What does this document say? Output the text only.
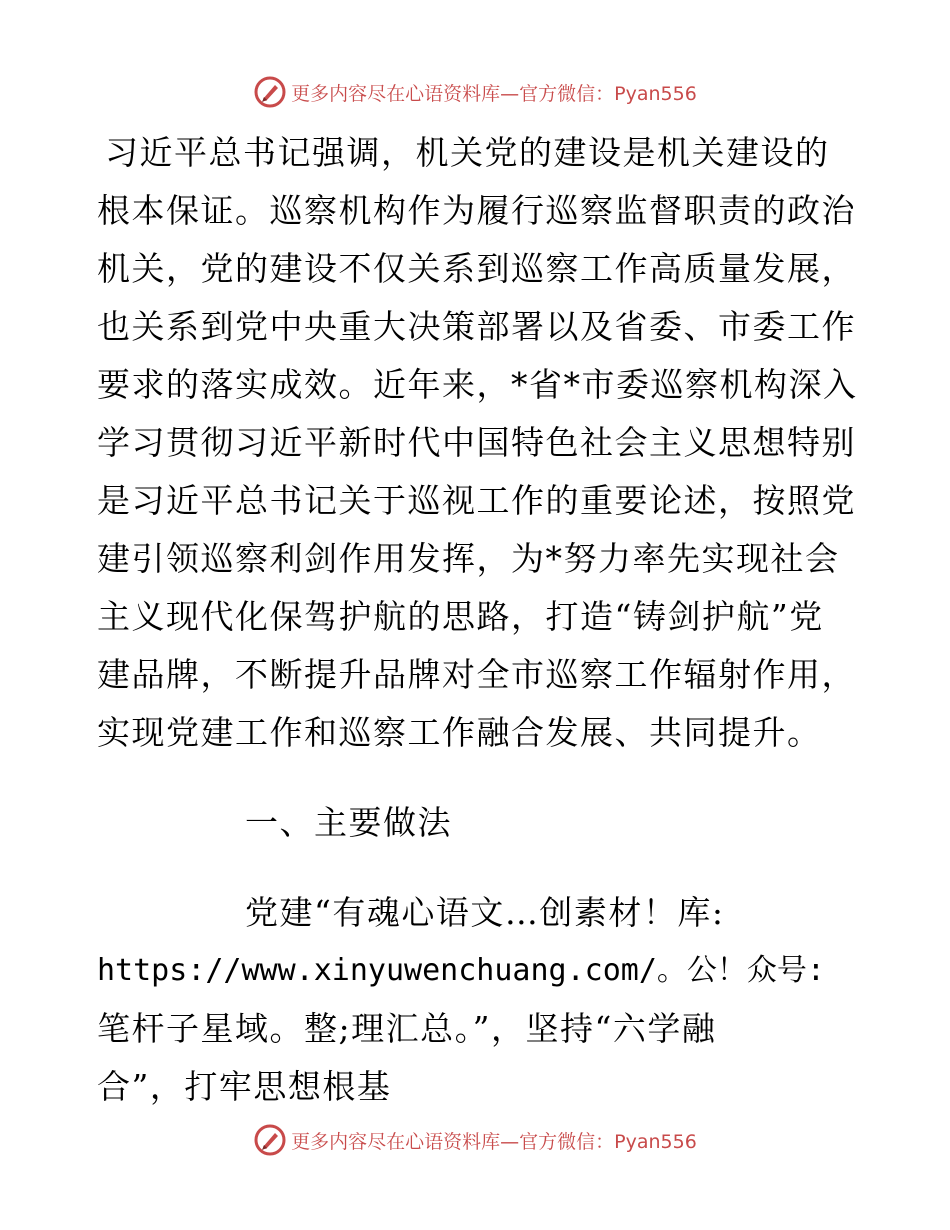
更多内容尽在心语资料库—官方微信：Pyan556
习近平总书记强调，机关党的建设是机关建设的
根本保证。巡察机构作为履行巡察监督职责的政治
机关，党的建设不仅关系到巡察工作高质量发展，
也关系到党中央重大决策部署以及省委、市委工作
要求的落实成效。近年来，*省*市委巡察机构深入
学习贯彻习近平新时代中国特色社会主义思想特别
是习近平总书记关于巡视工作的重要论述，按照党
建引领巡察利剑作用发挥，为*努力率先实现社会
主义现代化保驾护航的思路，打造“铸剑护航”党
建品牌，不断提升品牌对全市巡察工作辐射作用，
实现党建工作和巡察工作融合发展、共同提升。
一、主要做法
党建“有魂心语文…创素材！库:
https://www.xinyuwenchuang.com/。公！众号:
笔杆子星域。整;理汇总。”，坚持“六学融
合”，打牢思想根基
更多内容尽在心语资料库—官方微信：Pyan556
